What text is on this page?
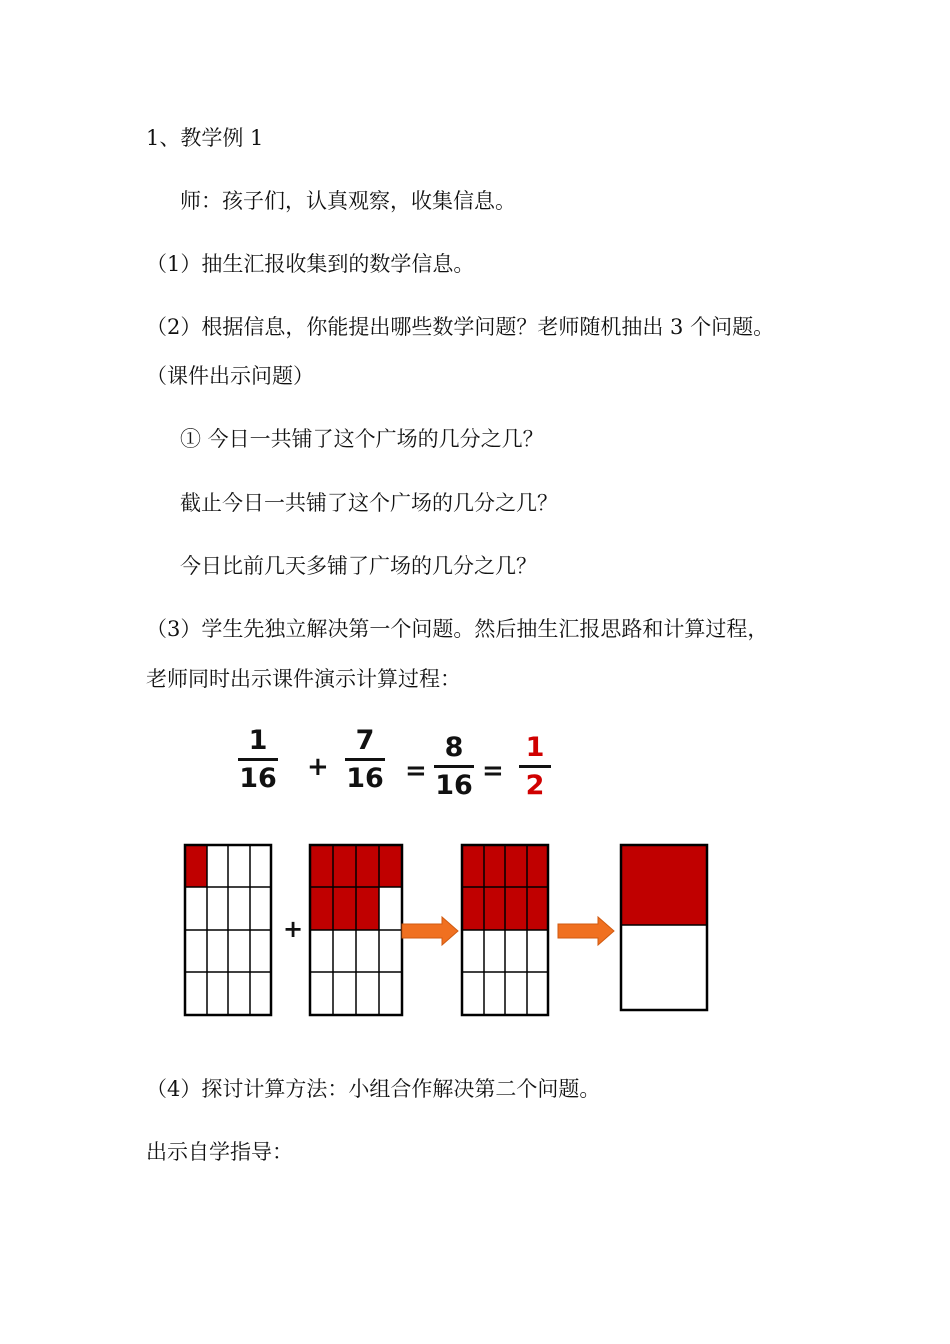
1、教学例 1
师：孩子们，认真观察，收集信息。
（1）抽生汇报收集到的数学信息。
（2）根据信息，你能提出哪些数学问题？老师随机抽出 3 个问题。
（课件出示问题）
① 今日一共铺了这个广场的几分之几？
截止今日一共铺了这个广场的几分之几？
今日比前几天多铺了广场的几分之几？
（3）学生先独立解决第一个问题。然后抽生汇报思路和计算过程，
老师同时出示课件演示计算过程：
1
16 +
7
16 =
8
16 =
1
2
+
（4）探讨计算方法：小组合作解决第二个问题。
出示自学指导：
